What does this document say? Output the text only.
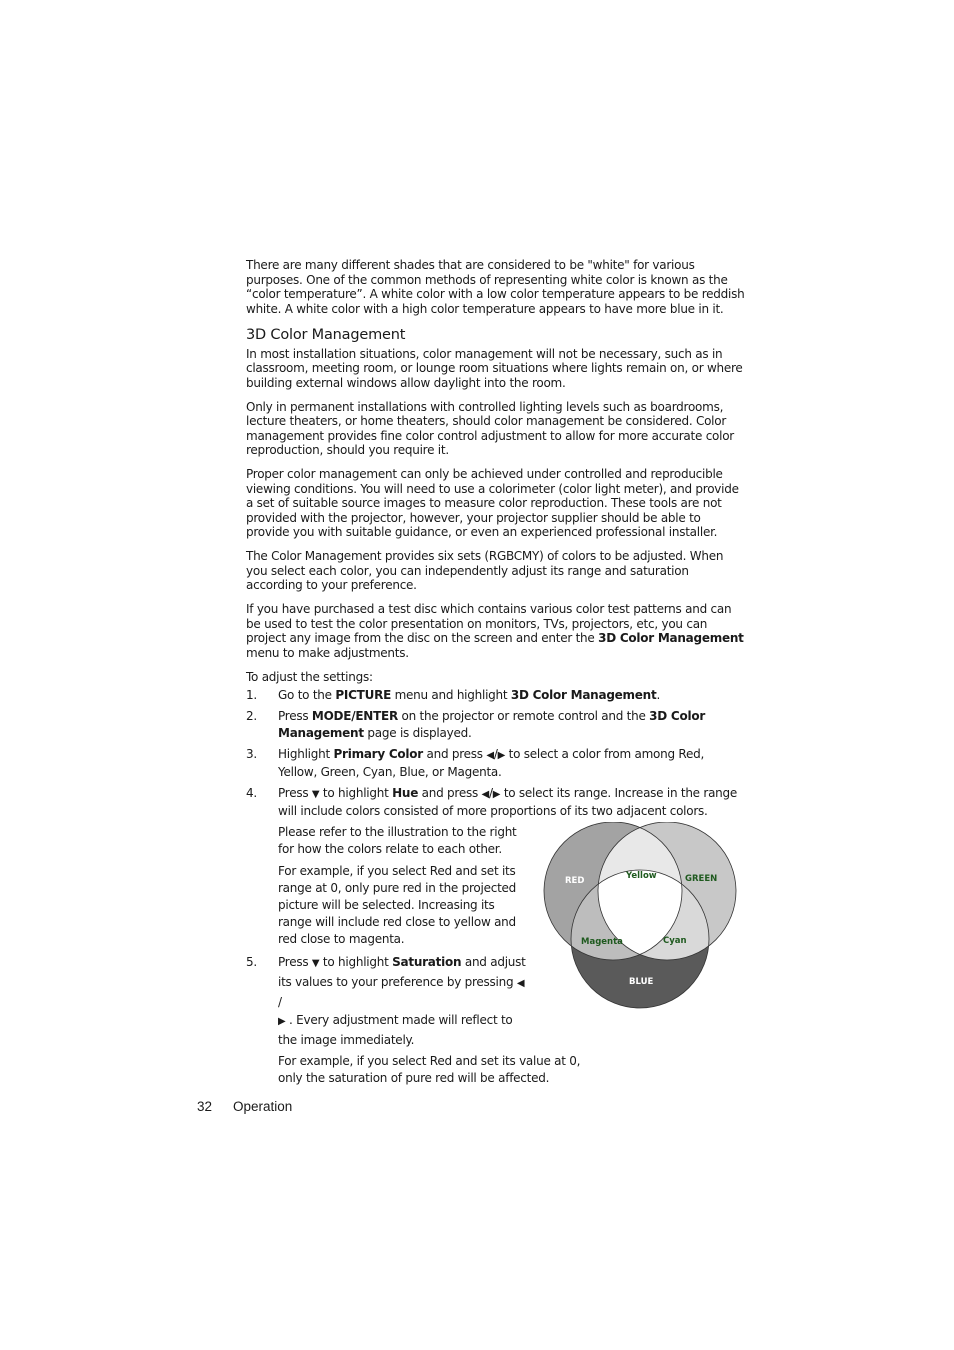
There are many different shades that are considered to be "white" for various purposes. One of the common methods of representing white color is known as the “color temperature”. A white color with a low color temperature appears to be reddish white. A white color with a high color temperature appears to have more blue in it.

3D Color Management

In most installation situations, color management will not be necessary, such as in classroom, meeting room, or lounge room situations where lights remain on, or where building external windows allow daylight into the room.

Only in permanent installations with controlled lighting levels such as boardrooms, lecture theaters, or home theaters, should color management be considered. Color management provides fine color control adjustment to allow for more accurate color reproduction, should you require it.

Proper color management can only be achieved under controlled and reproducible viewing conditions. You will need to use a colorimeter (color light meter), and provide a set of suitable source images to measure color reproduction. These tools are not provided with the projector, however, your projector supplier should be able to provide you with suitable guidance, or even an experienced professional installer.

The Color Management provides six sets (RGBCMY) of colors to be adjusted. When you select each color, you can independently adjust its range and saturation according to your preference.

If you have purchased a test disc which contains various color test patterns and can be used to test the color presentation on monitors, TVs, projectors, etc, you can project any image from the disc on the screen and enter the 3D Color Management menu to make adjustments.

To adjust the settings:

1. Go to the PICTURE menu and highlight 3D Color Management.
2. Press MODE/ENTER on the projector or remote control and the 3D Color Management page is displayed.
3. Highlight Primary Color and press ◀/▶ to select a color from among Red, Yellow, Green, Cyan, Blue, or Magenta.
4. Press ▼ to highlight Hue and press ◀/▶ to select its range. Increase in the range will include colors consisted of more proportions of its two adjacent colors.
Please refer to the illustration to the right for how the colors relate to each other.
For example, if you select Red and set its range at 0, only pure red in the projected picture will be selected. Increasing its range will include red close to yellow and red close to magenta.
5. Press ▼ to highlight Saturation and adjust its values to your preference by pressing ◀/
▶ . Every adjustment made will reflect to the image immediately.
For example, if you select Red and set its value at 0, only the saturation of pure red will be affected.
RED	GREEN
Yellow
Magenta	Cyan
BLUE
32 Operation
